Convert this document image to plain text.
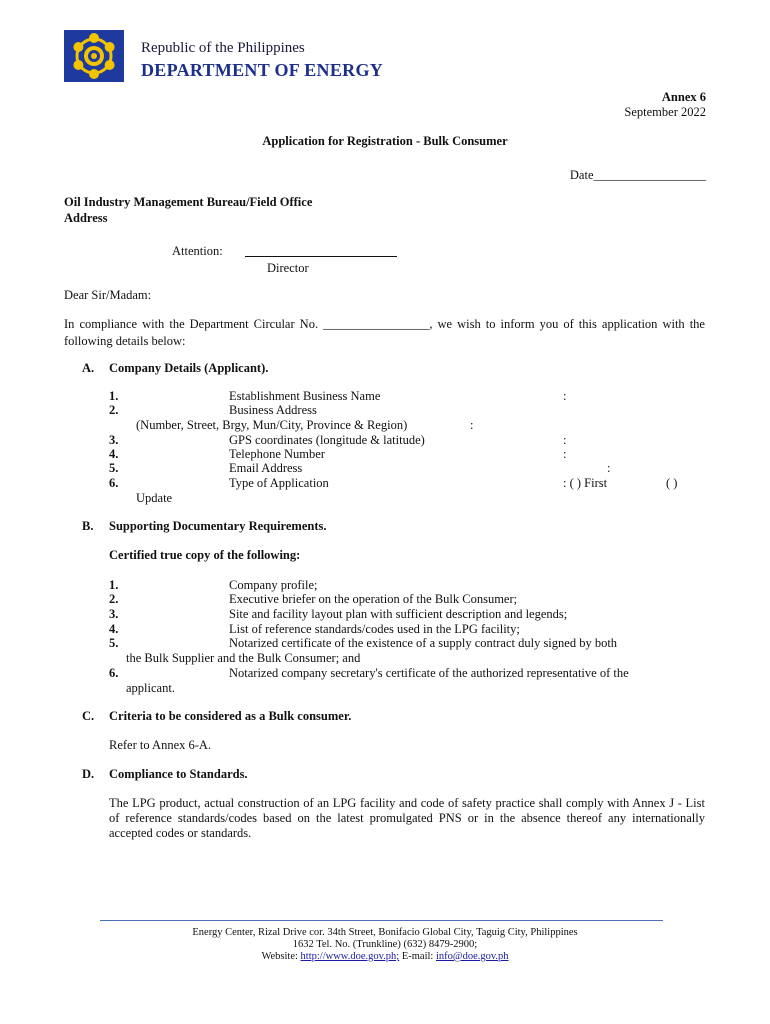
Republic of the Philippines
DEPARTMENT OF ENERGY
Annex 6
September 2022
Application for Registration - Bulk Consumer
Date__________________
Oil Industry Management Bureau/Field Office
Address
Attention:
Director
Dear Sir/Madam:
In compliance with the Department Circular No. _________________, we wish to inform you of this application with the following details below:
A. Company Details (Applicant).
1.	Establishment Business Name	:
2.	Business Address
(Number, Street, Brgy, Mun/City, Province & Region)	:
3.	GPS coordinates (longitude & latitude)	:
4.	Telephone Number	:
5.	Email Address	:
6.	Type of Application	: ( ) First	( )
Update
B. Supporting Documentary Requirements.
Certified true copy of the following:
1.	Company profile;
2.	Executive briefer on the operation of the Bulk Consumer;
3.	Site and facility layout plan with sufficient description and legends;
4.	List of reference standards/codes used in the LPG facility;
5.	Notarized certificate of the existence of a supply contract duly signed by both
the Bulk Supplier and the Bulk Consumer; and
6.	Notarized company secretary's certificate of the authorized representative of the
applicant.
C. Criteria to be considered as a Bulk consumer.
Refer to Annex 6-A.
D. Compliance to Standards.
The LPG product, actual construction of an LPG facility and code of safety practice shall comply with Annex J - List of reference standards/codes based on the latest promulgated PNS or in the absence thereof any internationally accepted codes or standards.
Energy Center, Rizal Drive cor. 34th Street, Bonifacio Global City, Taguig City, Philippines
1632 Tel. No. (Trunkline) (632) 8479-2900;
Website: http://www.doe.gov.ph; E-mail: info@doe.gov.ph
